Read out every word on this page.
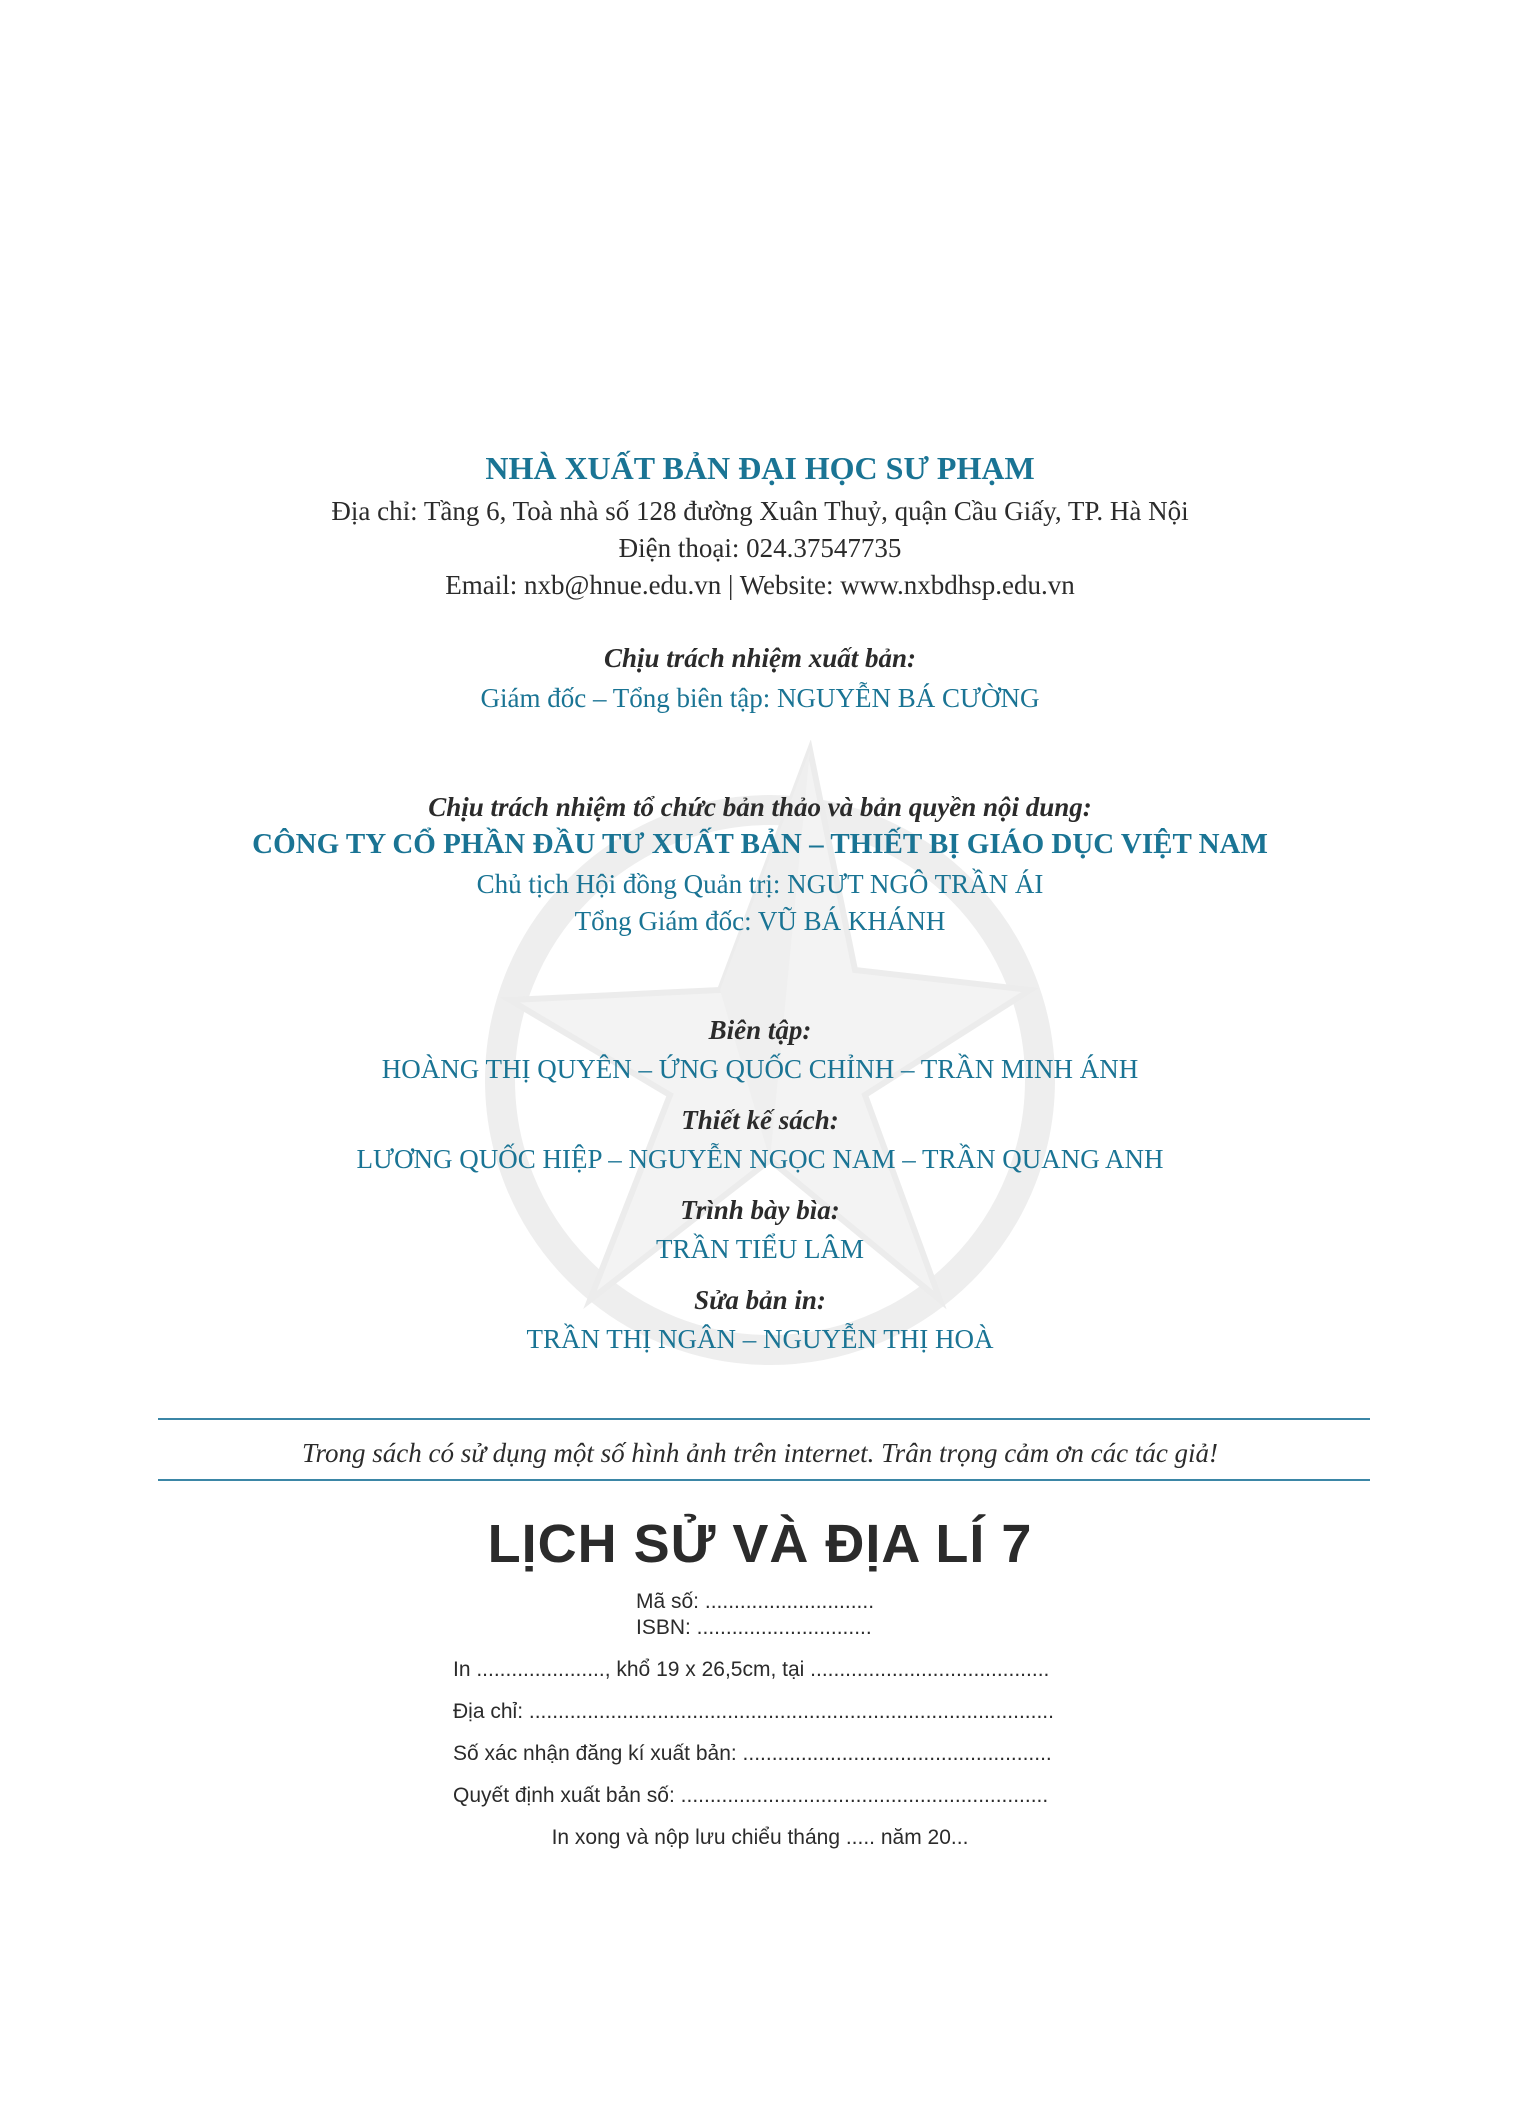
NHÀ XUẤT BẢN ĐẠI HỌC SƯ PHẠM
Địa chỉ: Tầng 6, Toà nhà số 128 đường Xuân Thuỷ, quận Cầu Giấy, TP. Hà Nội
Điện thoại: 024.37547735
Email: nxb@hnue.edu.vn | Website: www.nxbdhsp.edu.vn
Chịu trách nhiệm xuất bản:
Giám đốc – Tổng biên tập: NGUYỄN BÁ CƯỜNG
Chịu trách nhiệm tổ chức bản thảo và bản quyền nội dung:
CÔNG TY CỔ PHẦN ĐẦU TƯ XUẤT BẢN – THIẾT BỊ GIÁO DỤC VIỆT NAM
Chủ tịch Hội đồng Quản trị: NGƯT NGÔ TRẦN ÁI
Tổng Giám đốc: VŨ BÁ KHÁNH
Biên tập:
HOÀNG THỊ QUYÊN – ỨNG QUỐC CHỈNH – TRẦN MINH ÁNH
Thiết kế sách:
LƯƠNG QUỐC HIỆP – NGUYỄN NGỌC NAM – TRẦN QUANG ANH
Trình bày bìa:
TRẦN TIỂU LÂM
Sửa bản in:
TRẦN THỊ NGÂN – NGUYỄN THỊ HOÀ
Trong sách có sử dụng một số hình ảnh trên internet. Trân trọng cảm ơn các tác giả!
LỊCH SỬ VÀ ĐỊA LÍ 7
Mã số: .............................
ISBN: ..............................
In ......................, khổ 19 x 26,5cm, tại .........................................
Địa chỉ: ..........................................................................................
Số xác nhận đăng kí xuất bản: .....................................................
Quyết định xuất bản số: ...............................................................
In xong và nộp lưu chiểu tháng ..... năm 20...
